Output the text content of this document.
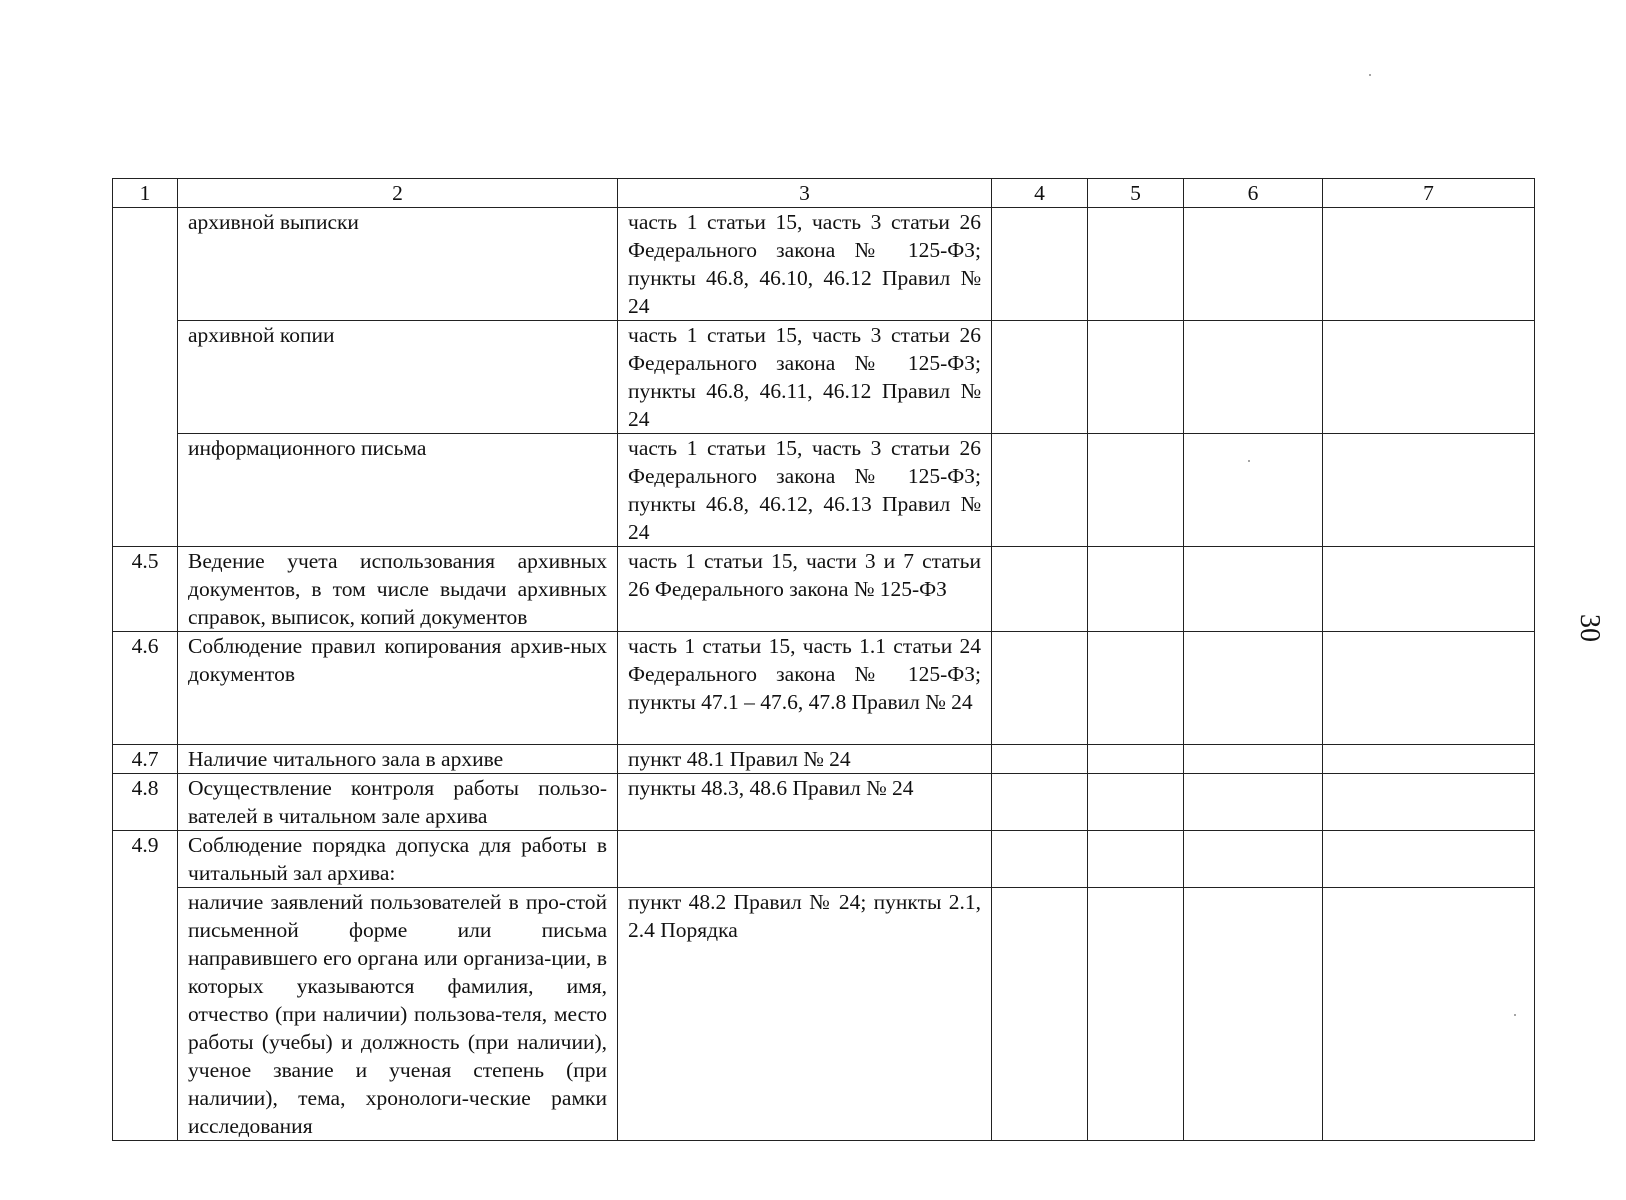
1	2	3	4	5	6	7
	архивной выписки	часть 1 статьи 15, часть 3 статьи 26 Федерального закона № 125-ФЗ; пункты 46.8, 46.10, 46.12 Правил № 24				
	архивной копии	часть 1 статьи 15, часть 3 статьи 26 Федерального закона № 125-ФЗ; пункты 46.8, 46.11, 46.12 Правил № 24				
	информационного письма	часть 1 статьи 15, часть 3 статьи 26 Федерального закона № 125-ФЗ; пункты 46.8, 46.12, 46.13 Правил № 24				
4.5	Ведение учета использования архивных документов, в том числе выдачи архивных справок, выписок, копий документов	часть 1 статьи 15, части 3 и 7 статьи 26 Федерального закона № 125-ФЗ				
4.6	Соблюдение правил копирования архив-ных документов	часть 1 статьи 15, часть 1.1 статьи 24 Федерального закона № 125-ФЗ; пункты 47.1 – 47.6, 47.8 Правил № 24				
4.7	Наличие читального зала в архиве	пункт 48.1 Правил № 24				
4.8	Осуществление контроля работы пользо-вателей в читальном зале архива	пункты 48.3, 48.6 Правил № 24				
4.9	Соблюдение порядка допуска для работы в читальный зал архива:					
	наличие заявлений пользователей в про-стой письменной форме или письма направившего его органа или организа-ции, в которых указываются фамилия, имя, отчество (при наличии) пользова-теля, место работы (учебы) и должность (при наличии), ученое звание и ученая степень (при наличии), тема, хронологи-ческие рамки исследования	пункт 48.2 Правил № 24; пункты 2.1, 2.4 Порядка				
30
